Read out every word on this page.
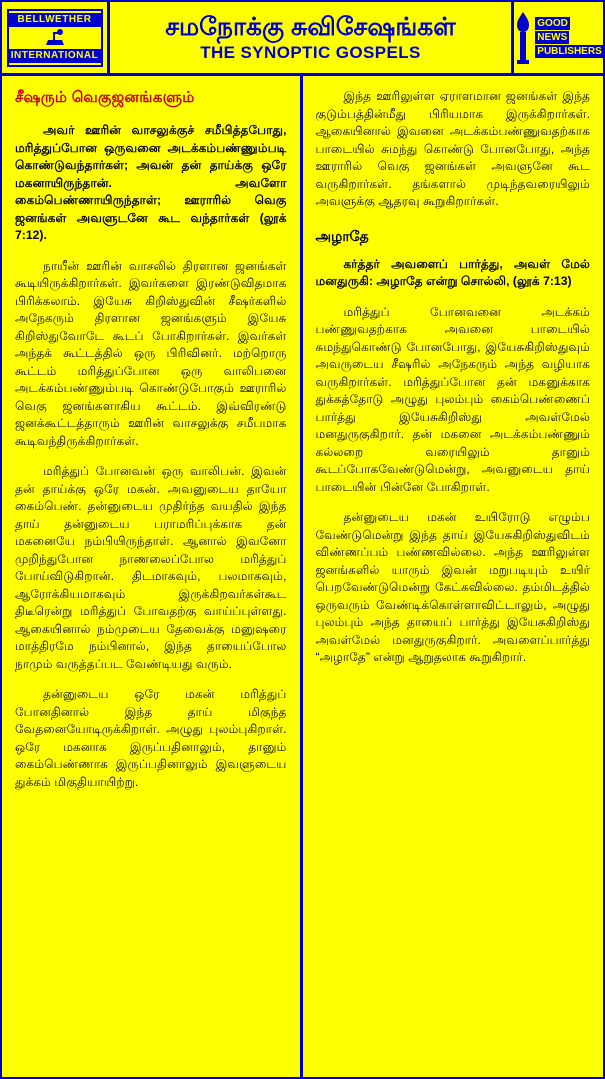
BELLWETHER
INTERNATIONAL
சமநோக்கு சுவிசேஷங்கள்
THE SYNOPTIC GOSPELS
GOOD
NEWS
PUBLISHERS
சீஷரும் வெகுஜனங்களும்

அவர் ஊரின் வாசலுக்குச் சமீபித்தபோது, மரித்துப்போன ஒருவனை அடக்கம்பண்ணும்படி கொண்டுவந்தார்கள்; அவன் தன் தாய்க்கு ஒரே மகனாயிருந்தான். அவளோ கைம்பெண்ணாயிருந்தாள்; ஊராரில் வெகு ஜனங்கள் அவளுடனே கூட வந்தார்கள் (லூக் 7:12).

நாயீன் ஊரின் வாசலில் திரளான ஜனங்கள் கூடியிருக்கிறார்கள். இவர்களை இரண்டுவிதமாக பிரிக்கலாம். இயேசு கிறிஸ்துவின் சீஷர்களில் அநேகரும் திரளான ஜனங்களும் இயேசு கிறிஸ்துவோடே கூடப் போகிறார்கள். இவர்கள் அந்தக் கூட்டத்தில் ஒரு பிரிவினர். மற்றொரு கூட்டம் மரித்துப்போன ஒரு வாலிபனை அடக்கம்பண்ணும்படி கொண்டுபோகும் ஊராரில் வெகு ஜனங்களாகிய கூட்டம். இவ்விரண்டு ஜனக்கூட்டத்தாரும் ஊரின் வாசலுக்கு சமீபமாக கூடிவந்திருக்கிறார்கள்.

மரித்துப் போனவன் ஒரு வாலிபன். இவன் தன் தாய்க்கு ஒரே மகன். அவனுடைய தாயோ கைம்பெண். தன்னுடைய முதிர்ந்த வயதில் இந்த தாய் தன்னுடைய பராமரிப்புக்காக தன் மகனையே நம்பியிருந்தாள். ஆனால் இவனோ முறிந்துபோன நாணலைப்போல மரித்துப் போய்விடுகிறான். திடமாகவும், பலமாகவும், ஆரோக்கியமாகவும் இருக்கிறவர்கள்கூட திடீரென்று மரித்துப் போவதற்கு வாய்ப்புள்ளது. ஆகையினால் நம்முடைய தேவைக்கு மனுஷரை மாத்திரமே நம்பினால், இந்த தாயைப்போல நாமும் வருத்தப்பட வேண்டியது வரும்.

தன்னுடைய ஒரே மகன் மரித்துப் போனதினால் இந்த தாய் மிகுந்த வேதனையோடிருக்கிறாள். அழுது புலம்புகிறாள். ஒரே மகனாக இருப்பதினாலும், தானும் கைம்பெண்ணாக இருப்பதினாலும் இவளுடைய துக்கம் மிகுதியாயிற்று.

இந்த ஊரிலுள்ள ஏராளமான ஜனங்கள் இந்த குடும்பத்தின்மீது பிரியமாக இருக்கிறார்கள். ஆகையினால் இவனை அடக்கம்பண்ணுவதற்காக பாடையில் சுமந்து கொண்டு போனபோது, அந்த ஊராரில் வெகு ஜனங்கள் அவளுனே கூட வருகிறார்கள். தங்களால் முடிந்தவரையிலும் அவளுக்கு ஆதரவு கூறுகிறார்கள்.

அழாதே

கர்த்தர் அவளைப் பார்த்து, அவள் மேல் மனதுருகி: அழாதே என்று சொல்லி, (லூக் 7:13)

மரித்துப் போனவனை அடக்கம் பண்ணுவதற்காக அவனை பாடையில் சுமந்துகொண்டு போனபோது, இயேசுகிறிஸ்துவும் அவருடைய சீஷரில் அநேகரும் அந்த வழியாக வருகிறார்கள். மரித்துப்போன தன் மகனுக்காக துக்கத்தோடு அழுது புலம்பும் கைம்பெண்ணைப் பார்த்து இயேசுகிறிஸ்து அவள்மேல் மனதுருகுகிறார். தன் மகனை அடக்கம்பண்ணும் கல்லறை வரையிலும் தானும் கூடப்போகவேண்டுமென்று, அவனுடைய தாய் பாடையின் பின்னே போகிறாள்.

தன்னுடைய மகன் உயிரோடு எழும்ப வேண்டுமென்று இந்த தாய் இயேசுகிறிஸ்துவிடம் விண்ணப்பம் பண்ணவில்லை. அந்த ஊரிலுள்ள ஜனங்களில் யாரும் இவன் மறுபடியும் உயிர் பெறவேண்டுமென்று கேட்கவில்லை. தம்மிடத்தில் ஒருவரும் வேண்டிக்கொள்ளாவிட்டாலும், அழுது புலம்பும் அந்த தாயைப் பார்த்து இயேசுகிறிஸ்து அவள்மேல் மனதுருகுகிறார். அவளைப்பார்த்து “அழாதே” என்று ஆறுதலாக கூறுகிறார்.
